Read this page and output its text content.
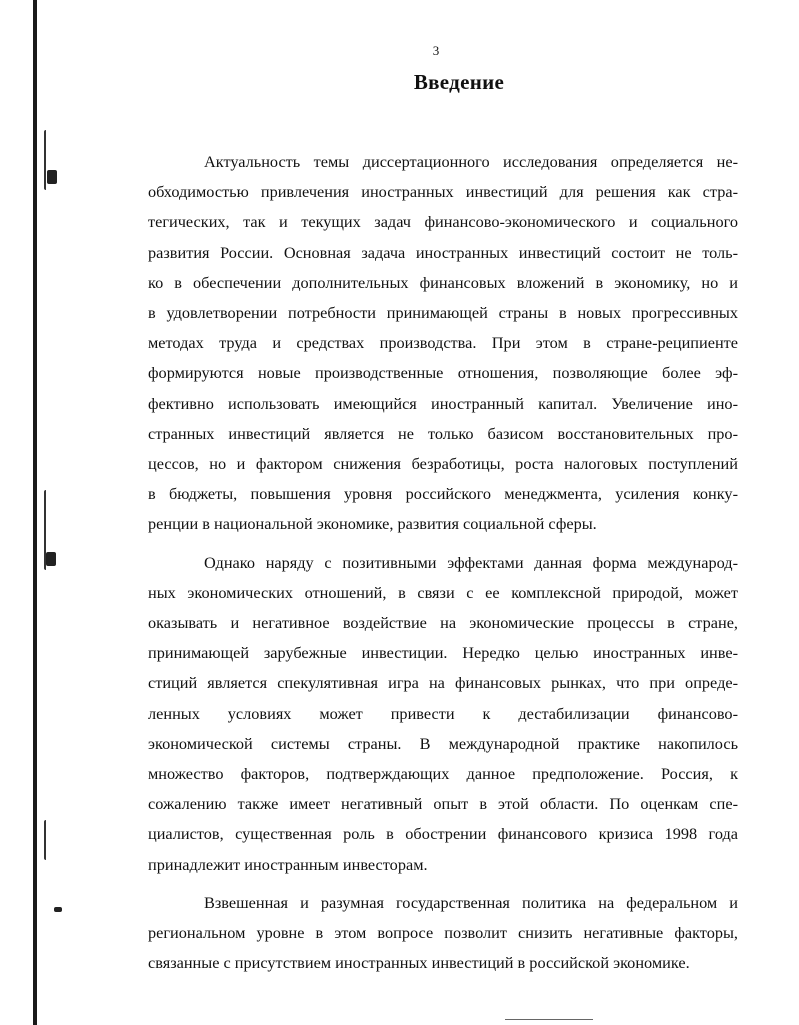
3
Введение
Актуальность темы диссертационного исследования определяется не-
обходимостью привлечения иностранных инвестиций для решения как стра-
тегических, так и текущих задач финансово-экономического и социального
развития России. Основная задача иностранных инвестиций состоит не толь-
ко в обеспечении дополнительных финансовых вложений в экономику, но и
в удовлетворении потребности принимающей страны в новых прогрессивных
методах труда и средствах производства. При этом в стране-реципиенте
формируются новые производственные отношения, позволяющие более эф-
фективно использовать имеющийся иностранный капитал. Увеличение ино-
странных инвестиций является не только базисом восстановительных про-
цессов, но и фактором снижения безработицы, роста налоговых поступлений
в бюджеты, повышения уровня российского менеджмента, усиления конку-
ренции в национальной экономике, развития социальной сферы.
Однако наряду с позитивными эффектами данная форма международ-
ных экономических отношений, в связи с ее комплексной природой, может
оказывать и негативное воздействие на экономические процессы в стране,
принимающей зарубежные инвестиции. Нередко целью иностранных инве-
стиций является спекулятивная игра на финансовых рынках, что при опреде-
ленных условиях может привести к дестабилизации финансово-
экономической системы страны. В международной практике накопилось
множество факторов, подтверждающих данное предположение. Россия, к
сожалению также имеет негативный опыт в этой области. По оценкам спе-
циалистов, существенная роль в обострении финансового кризиса 1998 года
принадлежит иностранным инвесторам.
Взвешенная и разумная государственная политика на федеральном и
региональном уровне в этом вопросе позволит снизить негативные факторы,
связанные с присутствием иностранных инвестиций в российской экономике.
